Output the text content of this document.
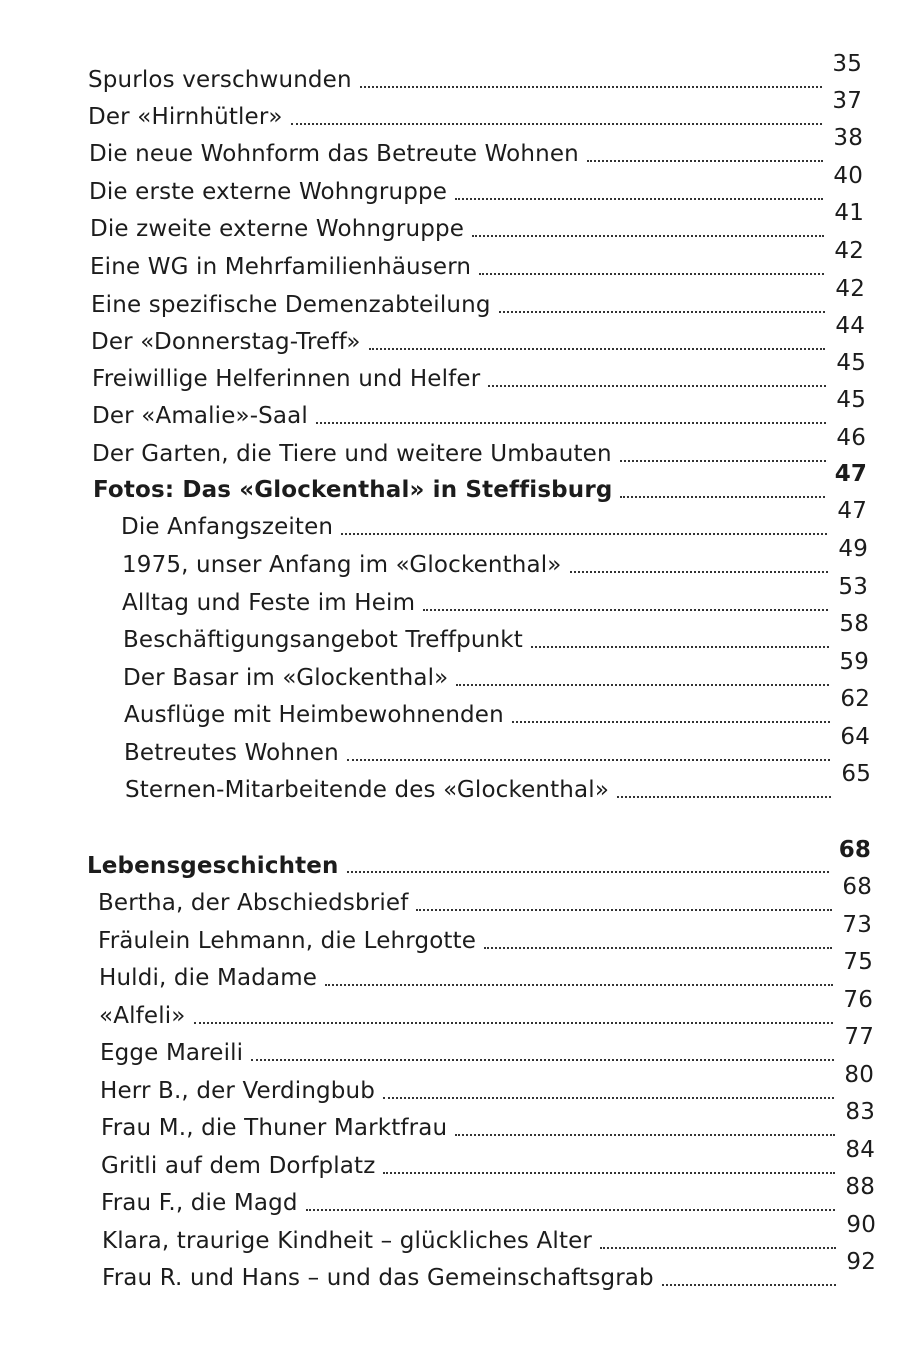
Spurlos verschwunden
35
Der «Hirnhütler»
37
Die neue Wohnform das Betreute Wohnen
38
Die erste externe Wohngruppe
40
Die zweite externe Wohngruppe
41
Eine WG in Mehrfamilienhäusern
42
Eine spezifische Demenzabteilung
42
Der «Donnerstag-Treff»
44
Freiwillige Helferinnen und Helfer
45
Der «Amalie»-Saal
45
Der Garten, die Tiere und weitere Umbauten
46
Fotos: Das «Glockenthal» in Steffisburg
47
Die Anfangszeiten
47
1975, unser Anfang im «Glockenthal»
49
Alltag und Feste im Heim
53
Beschäftigungsangebot Treffpunkt
58
Der Basar im «Glockenthal»
59
Ausflüge mit Heimbewohnenden
62
Betreutes Wohnen
64
Sternen-Mitarbeitende des «Glockenthal»
65
Lebensgeschichten
68
Bertha, der Abschiedsbrief
68
Fräulein Lehmann, die Lehrgotte
73
Huldi, die Madame
75
«Alfeli»
76
Egge Mareili
77
Herr B., der Verdingbub
80
Frau M., die Thuner Marktfrau
83
Gritli auf dem Dorfplatz
84
Frau F., die Magd
88
Klara, traurige Kindheit – glückliches Alter
90
Frau R. und Hans – und das Gemeinschaftsgrab
92
